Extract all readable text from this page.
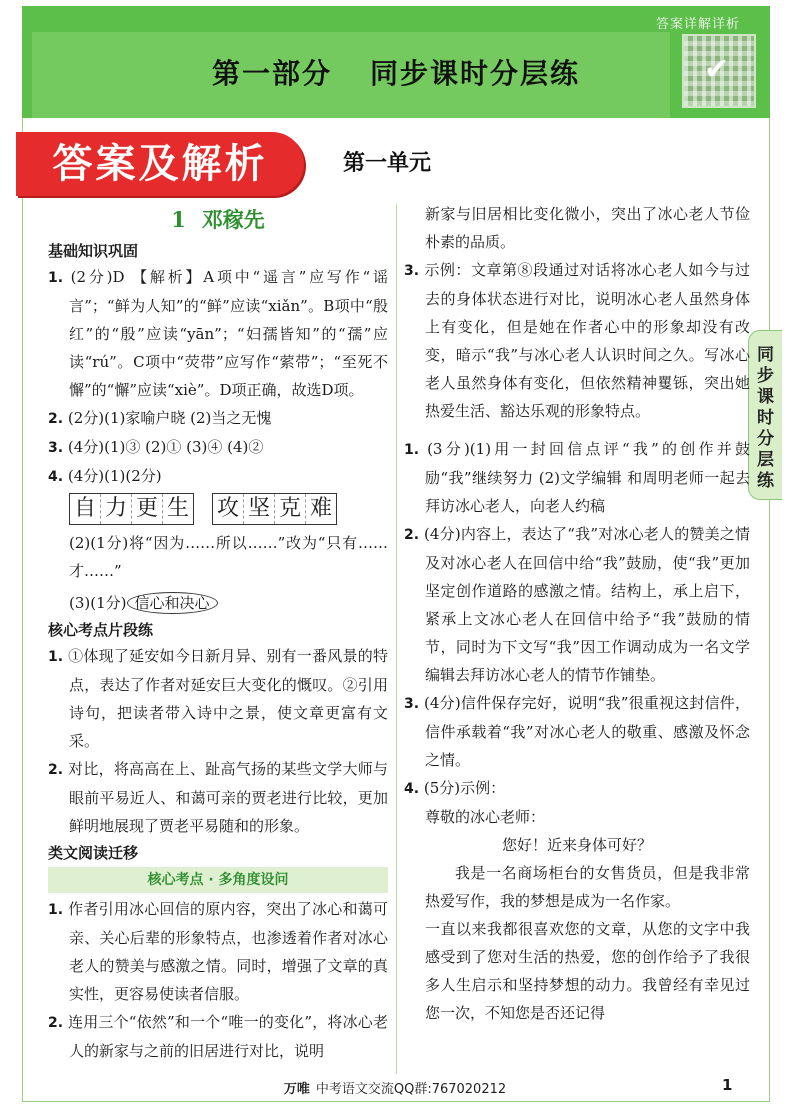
答案详解详析
✔
第一部分 同步课时分层练
答案及解析	第一单元
同
步
课
时
分
层
练
1 邓稼先
基础知识巩固

1. (2分)D 【解析】A项中“遥言”应写作“谣言”；“鲜为人知”的“鲜”应读“xiǎn”。B项中“殷红”的“殷”应读“yān”；“妇孺皆知”的“孺”应读“rú”。C项中“荧带”应写作“萦带”；“至死不懈”的“懈”应读“xiè”。D项正确，故选D项。

2. (2分)(1)家喻户晓 (2)当之无愧

3. (4分)(1)③ (2)① (3)④ (4)②

4. (4分)(1)(2分)

自 力 更 生 攻 坚 克 难

(2)(1分)将“因为……所以……”改为“只有……才……”

(3)(1分) 信心和决心

核心考点片段练

1. ①体现了延安如今日新月异、别有一番风景的特点，表达了作者对延安巨大变化的慨叹。②引用诗句，把读者带入诗中之景，使文章更富有文采。

2. 对比，将高高在上、趾高气扬的某些文学大师与眼前平易近人、和蔼可亲的贾老进行比较，更加鲜明地展现了贾老平易随和的形象。

类文阅读迁移
核心考点 · 多角度设问

1. 作者引用冰心回信的原内容，突出了冰心和蔼可亲、关心后辈的形象特点，也渗透着作者对冰心老人的赞美与感激之情。同时，增强了文章的真实性，更容易使读者信服。

2. 连用三个“依然”和一个“唯一的变化”，将冰心老人的新家与之前的旧居进行对比，说明

新家与旧居相比变化微小，突出了冰心老人节俭朴素的品质。

3. 示例：文章第⑧段通过对话将冰心老人如今与过去的身体状态进行对比，说明冰心老人虽然身体上有变化，但是她在作者心中的形象却没有改变，暗示“我”与冰心老人认识时间之久。写冰心老人虽然身体有变化，但依然精神矍铄，突出她热爱生活、豁达乐观的形象特点。

1. (3分)(1)用一封回信点评“我”的创作并鼓励“我”继续努力 (2)文学编辑 和周明老师一起去拜访冰心老人，向老人约稿

2. (4分)内容上，表达了“我”对冰心老人的赞美之情及对冰心老人在回信中给“我”鼓励，使“我”更加坚定创作道路的感激之情。结构上，承上启下，紧承上文冰心老人在回信中给予“我”鼓励的情节，同时为下文写“我”因工作调动成为一名文学编辑去拜访冰心老人的情节作铺垫。

3. (4分)信件保存完好，说明“我”很重视这封信件，信件承载着“我”对冰心老人的敬重、感激及怀念之情。

4. (5分)示例：

尊敬的冰心老师：

您好！近来身体可好？

我是一名商场柜台的女售货员，但是我非常热爱写作，我的梦想是成为一名作家。

一直以来我都很喜欢您的文章，从您的文字中我感受到了您对生活的热爱，您的创作给予了我很多人生启示和坚持梦想的动力。我曾经有幸见过您一次，不知您是否还记得

万唯 中考语文交流QQ群:767020212	1
